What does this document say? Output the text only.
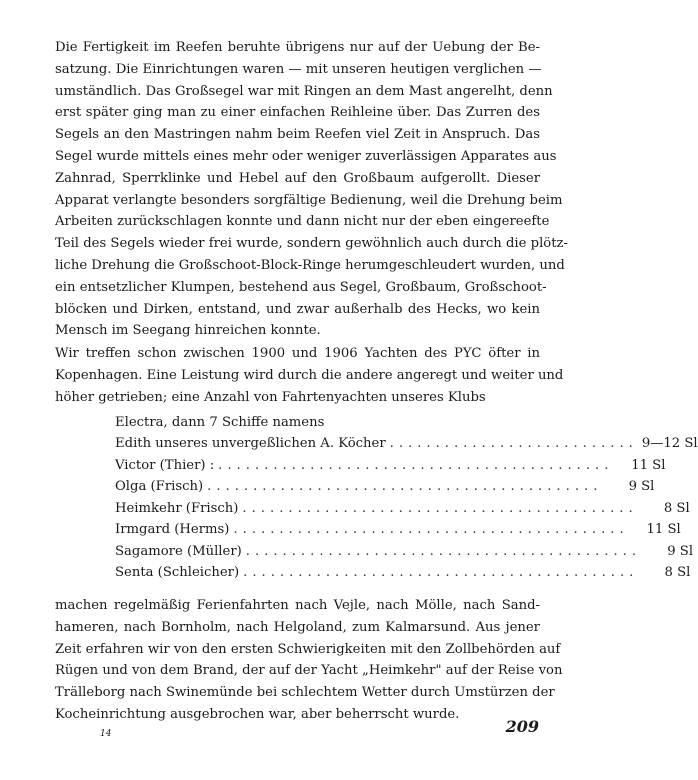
Die Fertigkeit im Reefen beruhte übrigens nur auf der Uebung der Be-
satzung. Die Einrichtungen waren — mit unseren heutigen verglichen —
umständlich. Das Großsegel war mit Ringen an dem Mast angerelht, denn
erst später ging man zu einer einfachen Reihleine über. Das Zurren des
Segels an den Mastringen nahm beim Reefen viel Zeit in Anspruch. Das
Segel wurde mittels eines mehr oder weniger zuverlässigen Apparates aus
Zahnrad, Sperrklinke und Hebel auf den Großbaum aufgerollt. Dieser
Apparat verlangte besonders sorgfältige Bedienung, weil die Drehung beim
Arbeiten zurückschlagen konnte und dann nicht nur der eben eingereefte
Teil des Segels wieder frei wurde, sondern gewöhnlich auch durch die plötz-
liche Drehung die Großschoot-Block-Ringe herumgeschleudert wurden, und
ein entsetzlicher Klumpen, bestehend aus Segel, Großbaum, Großschoot-
blöcken und Dirken, entstand, und zwar außerhalb des Hecks, wo kein
Mensch im Seegang hinreichen konnte.

Wir treffen schon zwischen 1900 und 1906 Yachten des PYC öfter in
Kopenhagen. Eine Leistung wird durch die andere angeregt und weiter und
höher getrieben; eine Anzahl von Fahrtenyachten unseres Klubs

Electra, dann 7 Schiffe namens
Edith unseres unvergeßlichen A. Köcher ........................... 9—12 Sl
Victor (Thier) : ...........................................	11 Sl
Olga (Frisch) ...........................................	9 Sl
Heimkehr (Frisch) ...........................................	8 Sl
Irmgard (Herms) ...........................................	11 Sl
Sagamore (Müller) ...........................................	9 Sl
Senta (Schleicher) ...........................................	8 Sl

machen regelmäßig Ferienfahrten nach Vejle, nach Mölle, nach Sand-
hameren, nach Bornholm, nach Helgoland, zum Kalmarsund. Aus jener
Zeit erfahren wir von den ersten Schwierigkeiten mit den Zollbehörden auf
Rügen und von dem Brand, der auf der Yacht „Heimkehr" auf der Reise von
Trälleborg nach Swinemünde bei schlechtem Wetter durch Umstürzen der
Kocheinrichtung ausgebrochen war, aber beherrscht wurde.

14	209
